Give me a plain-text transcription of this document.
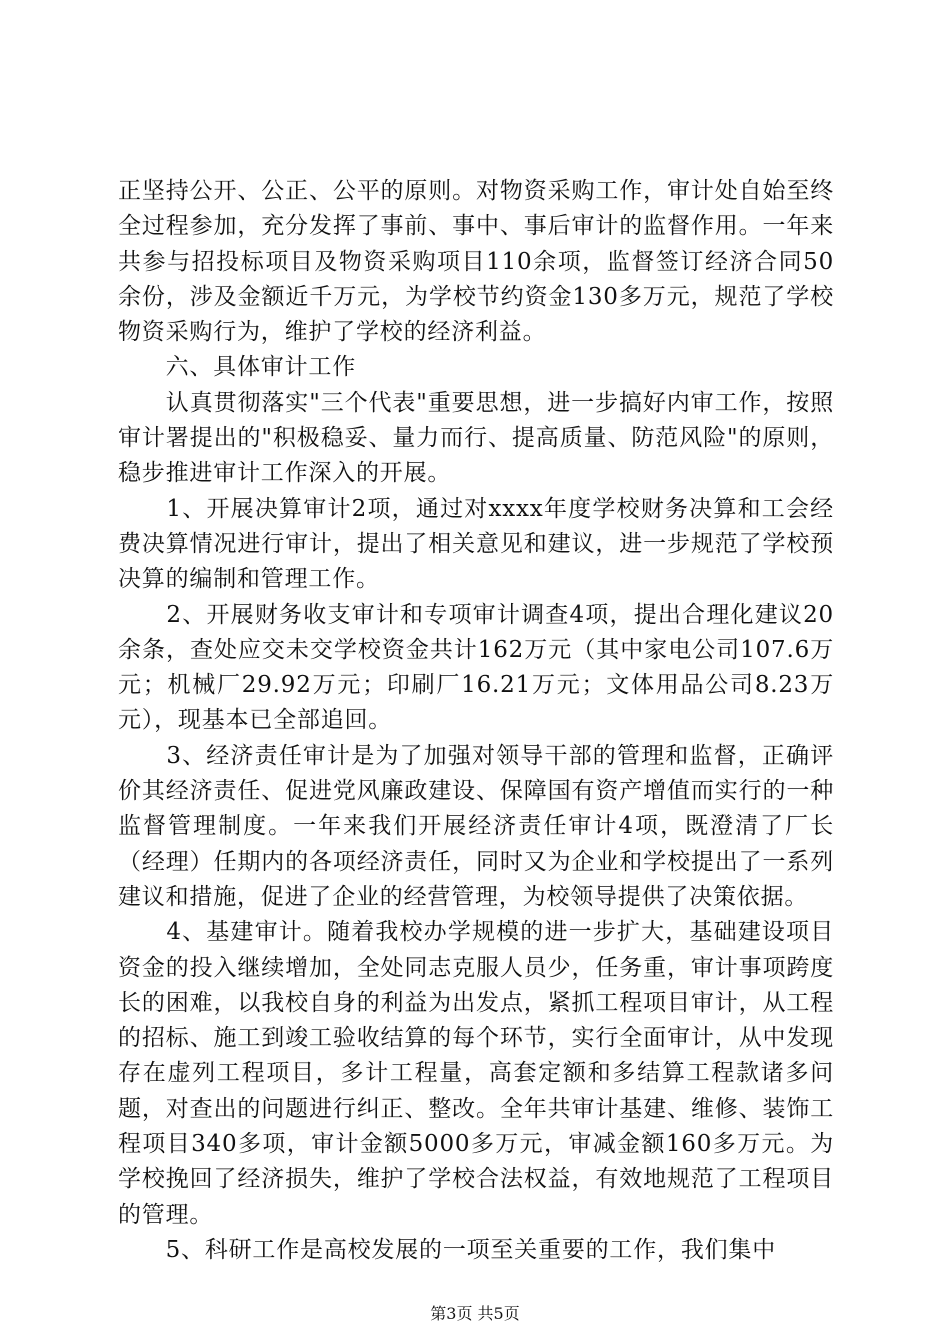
正坚持公开、公正、公平的原则。对物资采购工作，审计处自始至终全过程参加，充分发挥了事前、事中、事后审计的监督作用。一年来共参与招投标项目及物资采购项目110余项，监督签订经济合同50余份，涉及金额近千万元，为学校节约资金130多万元，规范了学校物资采购行为，维护了学校的经济利益。

　　六、具体审计工作

　　认真贯彻落实"三个代表"重要思想，进一步搞好内审工作，按照审计署提出的"积极稳妥、量力而行、提高质量、防范风险"的原则，稳步推进审计工作深入的开展。

　　1、开展决算审计2项，通过对xxxx年度学校财务决算和工会经费决算情况进行审计，提出了相关意见和建议，进一步规范了学校预决算的编制和管理工作。

　　2、开展财务收支审计和专项审计调查4项，提出合理化建议20余条，查处应交未交学校资金共计162万元（其中家电公司107.6万元；机械厂29.92万元；印刷厂16.21万元；文体用品公司8.23万元），现基本已全部追回。

　　3、经济责任审计是为了加强对领导干部的管理和监督，正确评价其经济责任、促进党风廉政建设、保障国有资产增值而实行的一种监督管理制度。一年来我们开展经济责任审计4项，既澄清了厂长（经理）任期内的各项经济责任，同时又为企业和学校提出了一系列建议和措施，促进了企业的经营管理，为校领导提供了决策依据。

　　4、基建审计。随着我校办学规模的进一步扩大，基础建设项目资金的投入继续增加，全处同志克服人员少，任务重，审计事项跨度长的困难，以我校自身的利益为出发点，紧抓工程项目审计，从工程的招标、施工到竣工验收结算的每个环节，实行全面审计，从中发现存在虚列工程项目，多计工程量，高套定额和多结算工程款诸多问题，对查出的问题进行纠正、整改。全年共审计基建、维修、装饰工程项目340多项，审计金额5000多万元，审减金额160多万元。为学校挽回了经济损失，维护了学校合法权益，有效地规范了工程项目的管理。

　　5、科研工作是高校发展的一项至关重要的工作，我们集中

第3页 共5页
